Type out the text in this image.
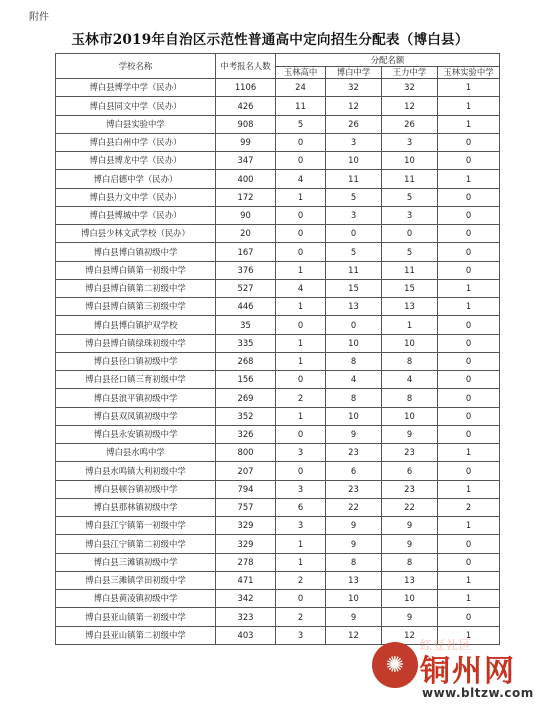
附件
玉林市2019年自治区示范性普通高中定向招生分配表（博白县）
学校名称	中考报名人数	分配名额			
		玉林高中	博白中学	王力中学	玉林实验中学
博白县博学中学（民办）	1106	24	32	32	1
博白县同文中学（民办）	426	11	12	12	1
博白县实验中学	908	5	26	26	1
博白县白州中学（民办）	99	0	3	3	0
博白县博龙中学（民办）	347	0	10	10	0
博白启德中学（民办）	400	4	11	11	1
博白县力文中学（民办）	172	1	5	5	0
博白县博城中学（民办）	90	0	3	3	0
博白县少林文武学校（民办）	20	0	0	0	0
博白县博白镇初级中学	167	0	5	5	0
博白县博白镇第一初级中学	376	1	11	11	0
博白县博白镇第二初级中学	527	4	15	15	1
博白县博白镇第三初级中学	446	1	13	13	1
博白县博白镇护双学校	35	0	0	1	0
博白县博白镇绿珠初级中学	335	1	10	10	0
博白县径口镇初级中学	268	1	8	8	0
博白县径口镇三育初级中学	156	0	4	4	0
博白县浪平镇初级中学	269	2	8	8	0
博白县双凤镇初级中学	352	1	10	10	0
博白县永安镇初级中学	326	0	9	9	0
博白县水鸣中学	800	3	23	23	1
博白县水鸣镇大利初级中学	207	0	6	6	0
博白县顿谷镇初级中学	794	3	23	23	1
博白县那林镇初级中学	757	6	22	22	2
博白县江宁镇第一初级中学	329	3	9	9	1
博白县江宁镇第二初级中学	329	1	9	9	0
博白县三滩镇初级中学	278	1	8	8	0
博白县三滩镇学田初级中学	471	2	13	13	1
博白县黄凌镇初级中学	342	0	10	10	1
博白县亚山镇第一初级中学	323	2	9	9	0
博白县亚山镇第二初级中学	403	3	12	12	1
✺
红豆社区
铜州网
www.bltzw.com
